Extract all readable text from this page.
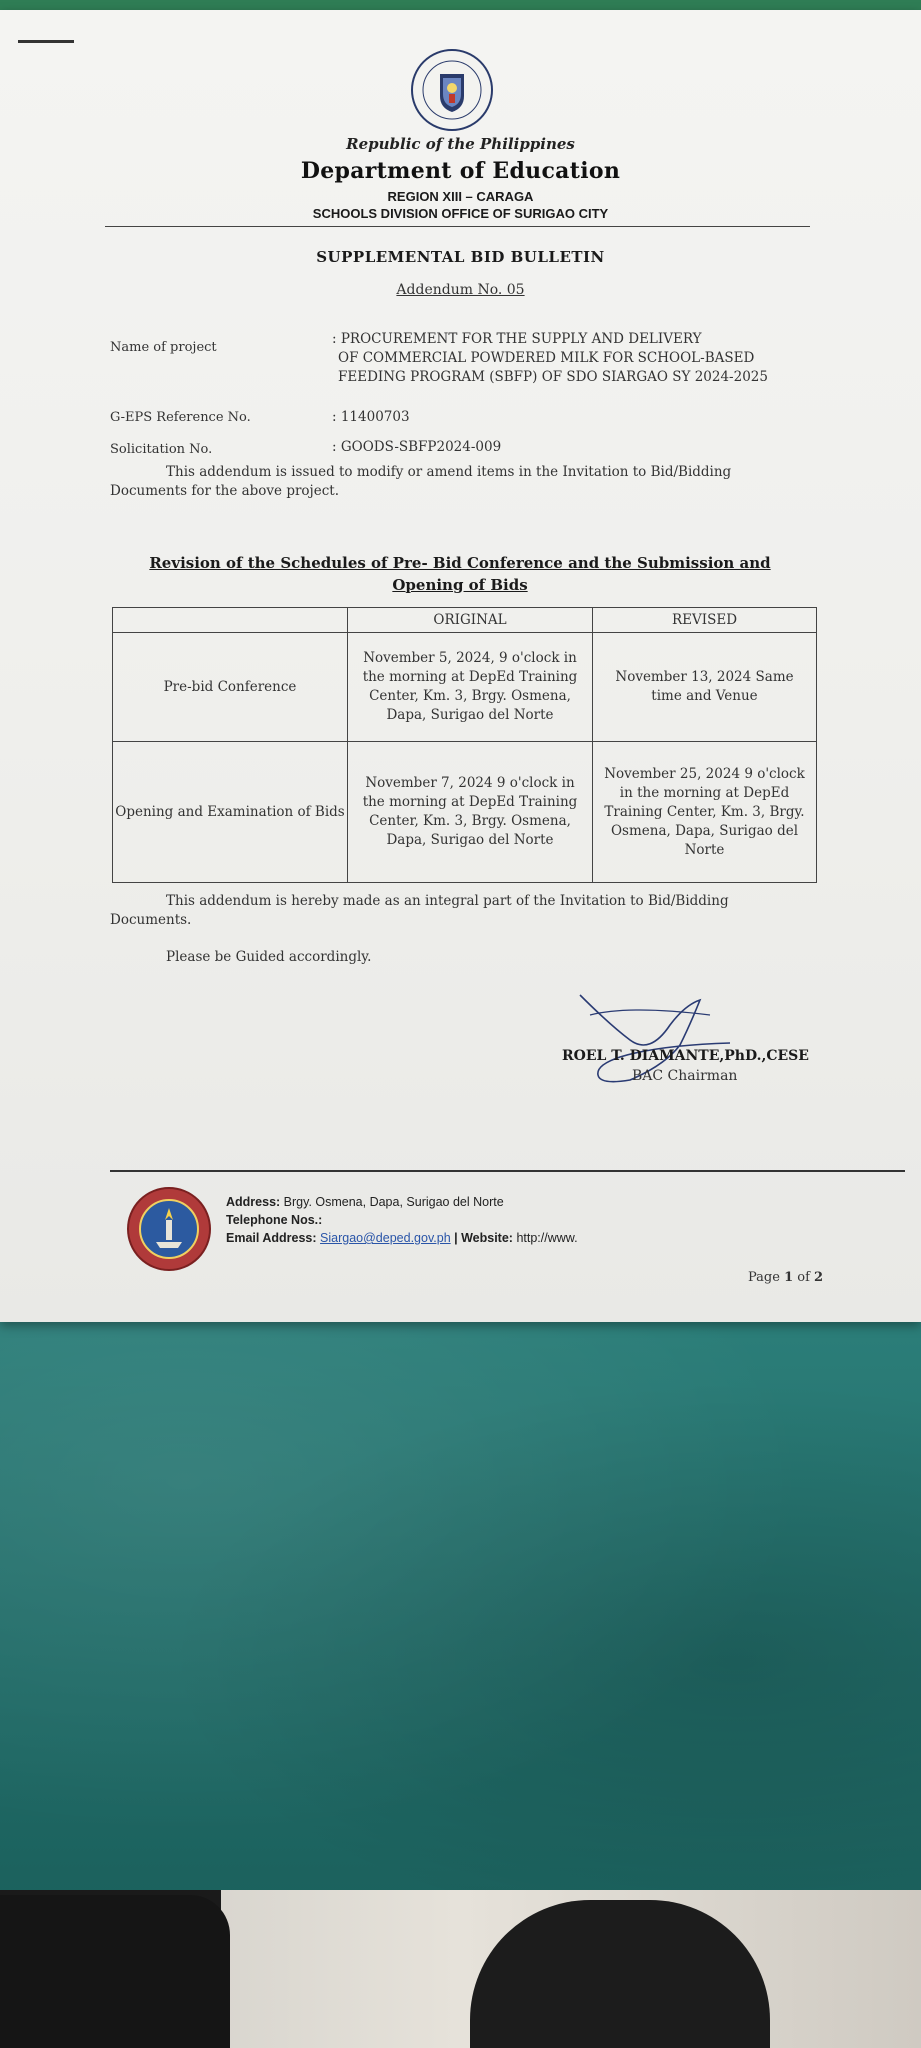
Republic of the Philippines
Department of Education
REGION XIII – CARAGA
SCHOOLS DIVISION OFFICE OF SURIGAO CITY
SUPPLEMENTAL BID BULLETIN
Addendum No. 05
Name of project
: PROCUREMENT FOR THE SUPPLY AND DELIVERY
OF COMMERCIAL POWDERED MILK FOR SCHOOL-BASED
FEEDING PROGRAM (SBFP) OF SDO SIARGAO SY 2024-2025
G-EPS Reference No.	: 11400703
Solicitation No.	: GOODS-SBFP2024-009
This addendum is issued to modify or amend items in the Invitation to Bid/Bidding
Documents for the above project.
Revision of the Schedules of Pre- Bid Conference and the Submission and
Opening of Bids
	ORIGINAL	REVISED
Pre-bid Conference	November 5, 2024, 9 o'clock in the morning at DepEd Training Center, Km. 3, Brgy. Osmena, Dapa, Surigao del Norte	November 13, 2024 Same time and Venue
Opening and Examination of Bids	November 7, 2024 9 o'clock in the morning at DepEd Training Center, Km. 3, Brgy. Osmena, Dapa, Surigao del Norte	November 25, 2024 9 o'clock in the morning at DepEd Training Center, Km. 3, Brgy. Osmena, Dapa, Surigao del Norte
This addendum is hereby made as an integral part of the Invitation to Bid/Bidding
Documents.
Please be Guided accordingly.
ROEL T. DIAMANTE,PhD.,CESE
BAC Chairman
Address: Brgy. Osmena, Dapa, Surigao del Norte
Telephone Nos.:
Email Address: Siargao@deped.gov.ph | Website: http://www.
Page 1 of 2
